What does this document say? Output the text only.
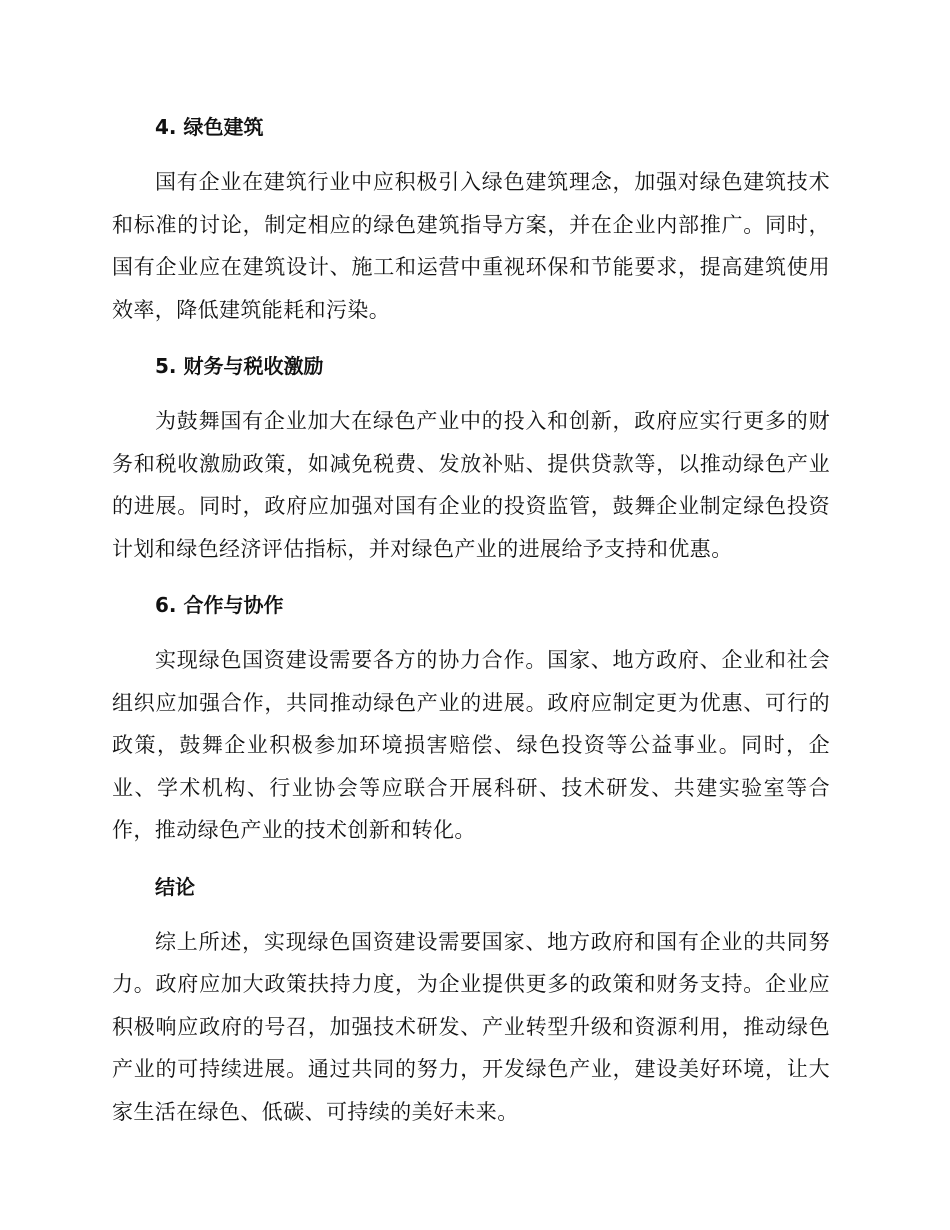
4. 绿色建筑

国有企业在建筑行业中应积极引入绿色建筑理念，加强对绿色建筑技术和标准的讨论，制定相应的绿色建筑指导方案，并在企业内部推广。同时，国有企业应在建筑设计、施工和运营中重视环保和节能要求，提高建筑使用效率，降低建筑能耗和污染。

5. 财务与税收激励

为鼓舞国有企业加大在绿色产业中的投入和创新，政府应实行更多的财务和税收激励政策，如减免税费、发放补贴、提供贷款等，以推动绿色产业的进展。同时，政府应加强对国有企业的投资监管，鼓舞企业制定绿色投资计划和绿色经济评估指标，并对绿色产业的进展给予支持和优惠。

6. 合作与协作

实现绿色国资建设需要各方的协力合作。国家、地方政府、企业和社会组织应加强合作，共同推动绿色产业的进展。政府应制定更为优惠、可行的政策，鼓舞企业积极参加环境损害赔偿、绿色投资等公益事业。同时，企业、学术机构、行业协会等应联合开展科研、技术研发、共建实验室等合作，推动绿色产业的技术创新和转化。

结论

综上所述，实现绿色国资建设需要国家、地方政府和国有企业的共同努力。政府应加大政策扶持力度，为企业提供更多的政策和财务支持。企业应积极响应政府的号召，加强技术研发、产业转型升级和资源利用，推动绿色产业的可持续进展。通过共同的努力，开发绿色产业，建设美好环境，让大家生活在绿色、低碳、可持续的美好未来。
